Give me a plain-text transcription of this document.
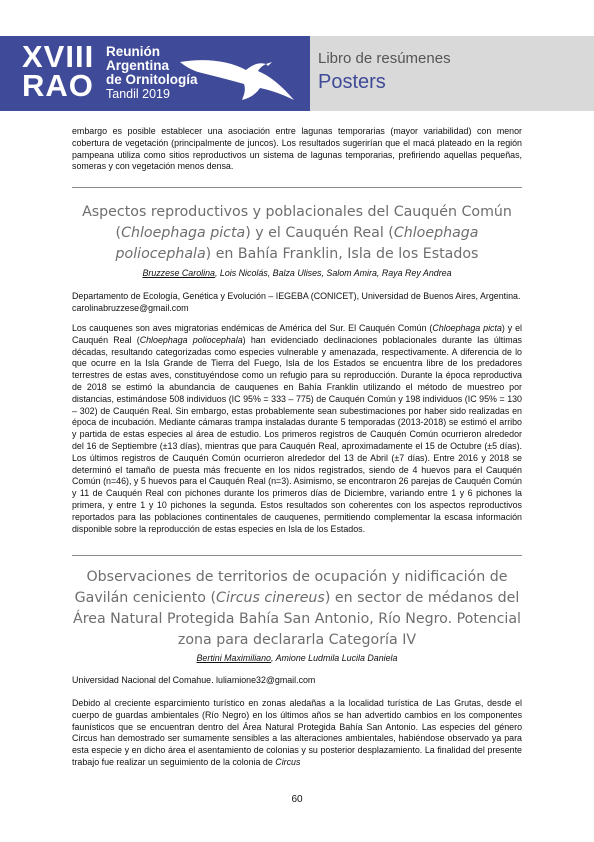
XVIII
RAO
Reunión
Argentina
de Ornitología
Tandil 2019
Libro de resúmenes
Posters

embargo es posible establecer una asociación entre lagunas temporarias (mayor variabilidad) con menor cobertura de vegetación (principalmente de juncos). Los resultados sugerirían que el macá plateado en la región pampeana utiliza como sitios reproductivos un sistema de lagunas temporarias, prefiriendo aquellas pequeñas, someras y con vegetación menos densa.

Aspectos reproductivos y poblacionales del Cauquén Común (Chloephaga picta) y el Cauquén Real (Chloephaga poliocephala) en Bahía Franklin, Isla de los Estados
Bruzzese Carolina, Lois Nicolás, Balza Ulises, Salom Amira, Raya Rey Andrea
Departamento de Ecología, Genética y Evolución – IEGEBA (CONICET), Universidad de Buenos Aires, Argentina. carolinabruzzese@gmail.com

Los cauquenes son aves migratorias endémicas de América del Sur. El Cauquén Común (Chloephaga picta) y el Cauquén Real (Chloephaga poliocephala) han evidenciado declinaciones poblacionales durante las últimas décadas, resultando categorizadas como especies vulnerable y amenazada, respectivamente. A diferencia de lo que ocurre en la Isla Grande de Tierra del Fuego, Isla de los Estados se encuentra libre de los predadores terrestres de estas aves, constituyéndose como un refugio para su reproducción. Durante la época reproductiva de 2018 se estimó la abundancia de cauquenes en Bahía Franklin utilizando el método de muestreo por distancias, estimándose 508 individuos (IC 95% = 333 – 775) de Cauquén Común y 198 individuos (IC 95% = 130 – 302) de Cauquén Real. Sin embargo, estas probablemente sean subestimaciones por haber sido realizadas en época de incubación. Mediante cámaras trampa instaladas durante 5 temporadas (2013-2018) se estimó el arribo y partida de estas especies al área de estudio. Los primeros registros de Cauquén Común ocurrieron alrededor del 16 de Septiembre (±13 días), mientras que para Cauquén Real, aproximadamente el 15 de Octubre (±5 días). Los últimos registros de Cauquén Común ocurrieron alrededor del 13 de Abril (±7 días). Entre 2016 y 2018 se determinó el tamaño de puesta más frecuente en los nidos registrados, siendo de 4 huevos para el Cauquén Común (n=46), y 5 huevos para el Cauquén Real (n=3). Asimismo, se encontraron 26 parejas de Cauquén Común y 11 de Cauquén Real con pichones durante los primeros días de Diciembre, variando entre 1 y 6 pichones la primera, y entre 1 y 10 pichones la segunda. Estos resultados son coherentes con los aspectos reproductivos reportados para las poblaciones continentales de cauquenes, permitiendo complementar la escasa información disponible sobre la reproducción de estas especies en Isla de los Estados.

Observaciones de territorios de ocupación y nidificación de Gavilán ceniciento (Circus cinereus) en sector de médanos del Área Natural Protegida Bahía San Antonio, Río Negro. Potencial zona para declararla Categoría IV
Bertini Maximiliano, Amione Ludmila Lucila Daniela
Universidad Nacional del Comahue. luliamione32@gmail.com

Debido al creciente esparcimiento turístico en zonas aledañas a la localidad turística de Las Grutas, desde el cuerpo de guardas ambientales (Río Negro) en los últimos años se han advertido cambios en los componentes faunísticos que se encuentran dentro del Área Natural Protegida Bahía San Antonio. Las especies del género Circus han demostrado ser sumamente sensibles a las alteraciones ambientales, habiéndose observado ya para esta especie y en dicho área el asentamiento de colonias y su posterior desplazamiento. La finalidad del presente trabajo fue realizar un seguimiento de la colonia de Circus

60
